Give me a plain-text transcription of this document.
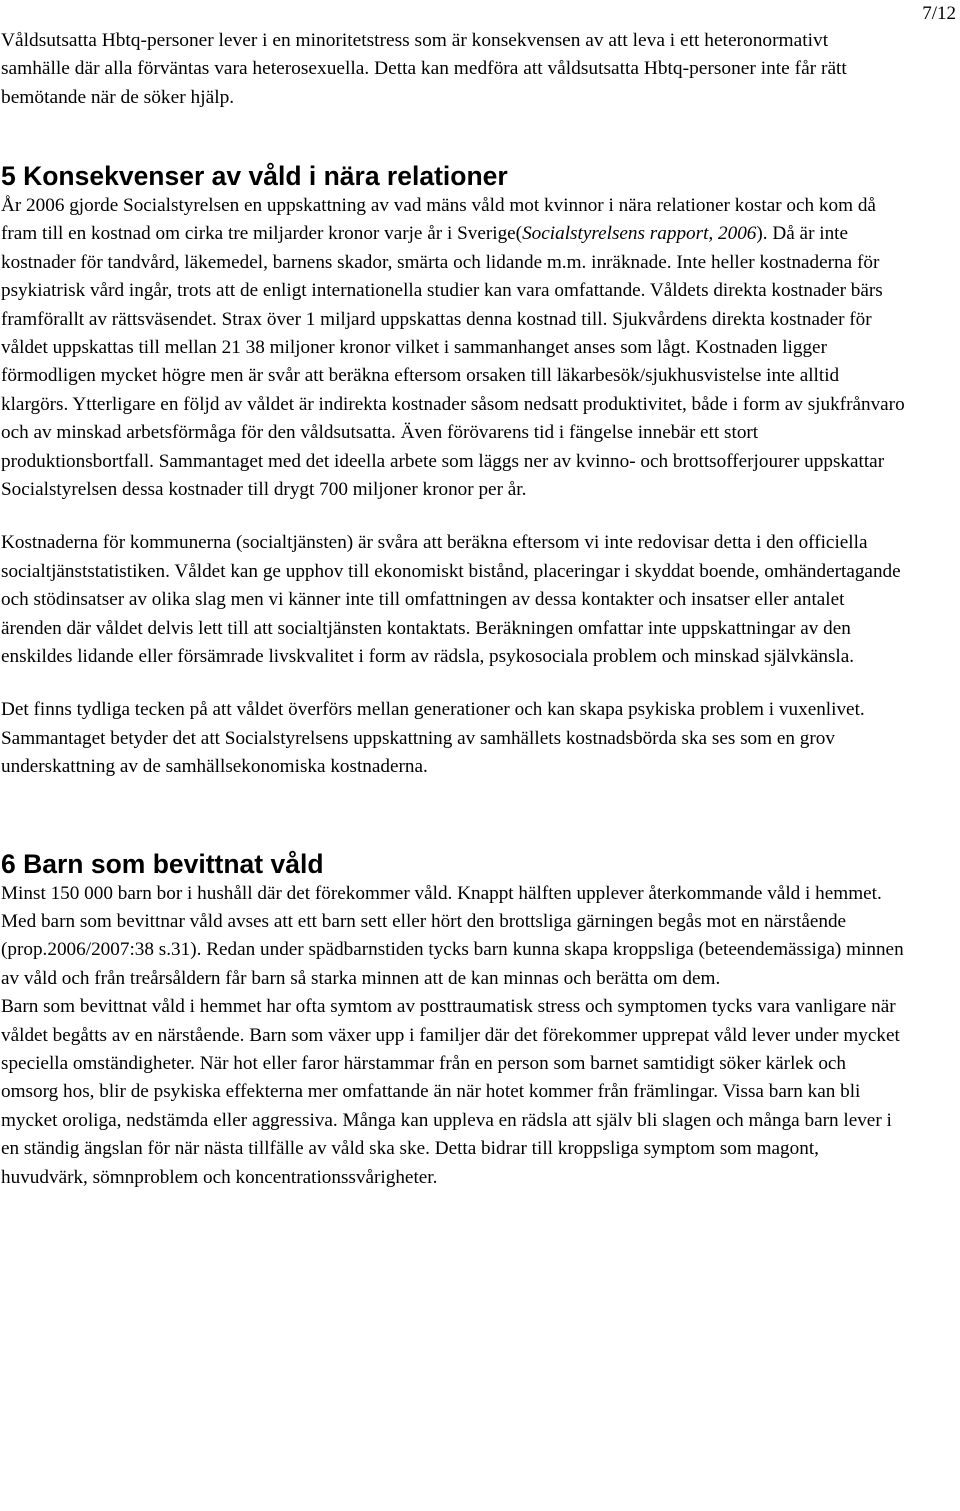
7/12

Våldsutsatta Hbtq-personer lever i en minoritetstress som är konsekvensen av att leva i ett heteronormativt samhälle där alla förväntas vara heterosexuella. Detta kan medföra att våldsutsatta Hbtq-personer inte får rätt bemötande när de söker hjälp.

5 Konsekvenser av våld i nära relationer

År 2006 gjorde Socialstyrelsen en uppskattning av vad mäns våld mot kvinnor i nära relationer kostar och kom då fram till en kostnad om cirka tre miljarder kronor varje år i Sverige(Socialstyrelsens rapport, 2006). Då är inte kostnader för tandvård, läkemedel, barnens skador, smärta och lidande m.m. inräknade. Inte heller kostnaderna för psykiatrisk vård ingår, trots att de enligt internationella studier kan vara omfattande. Våldets direkta kostnader bärs framförallt av rättsväsendet. Strax över 1 miljard uppskattas denna kostnad till. Sjukvårdens direkta kostnader för våldet uppskattas till mellan 21 38 miljoner kronor vilket i sammanhanget anses som lågt. Kostnaden ligger förmodligen mycket högre men är svår att beräkna eftersom orsaken till läkarbesök/sjukhusvistelse inte alltid klargörs. Ytterligare en följd av våldet är indirekta kostnader såsom nedsatt produktivitet, både i form av sjukfrånvaro och av minskad arbetsförmåga för den våldsutsatta. Även förövarens tid i fängelse innebär ett stort produktionsbortfall. Sammantaget med det ideella arbete som läggs ner av kvinno- och brottsofferjourer uppskattar Socialstyrelsen dessa kostnader till drygt 700 miljoner kronor per år.

Kostnaderna för kommunerna (socialtjänsten) är svåra att beräkna eftersom vi inte redovisar detta i den officiella socialtjänststatistiken. Våldet kan ge upphov till ekonomiskt bistånd, placeringar i skyddat boende, omhändertagande och stödinsatser av olika slag men vi känner inte till omfattningen av dessa kontakter och insatser eller antalet ärenden där våldet delvis lett till att socialtjänsten kontaktats. Beräkningen omfattar inte uppskattningar av den enskildes lidande eller försämrade livskvalitet i form av rädsla, psykosociala problem och minskad självkänsla.

Det finns tydliga tecken på att våldet överförs mellan generationer och kan skapa psykiska problem i vuxenlivet. Sammantaget betyder det att Socialstyrelsens uppskattning av samhällets kostnadsbörda ska ses som en grov underskattning av de samhällsekonomiska kostnaderna.

6 Barn som bevittnat våld

Minst 150 000 barn bor i hushåll där det förekommer våld. Knappt hälften upplever återkommande våld i hemmet. Med barn som bevittnar våld avses att ett barn sett eller hört den brottsliga gärningen begås mot en närstående (prop.2006/2007:38 s.31). Redan under spädbarnstiden tycks barn kunna skapa kroppsliga (beteendemässiga) minnen av våld och från treårsåldern får barn så starka minnen att de kan minnas och berätta om dem.

Barn som bevittnat våld i hemmet har ofta symtom av posttraumatisk stress och symptomen tycks vara vanligare när våldet begåtts av en närstående. Barn som växer upp i familjer där det förekommer upprepat våld lever under mycket speciella omständigheter. När hot eller faror härstammar från en person som barnet samtidigt söker kärlek och omsorg hos, blir de psykiska effekterna mer omfattande än när hotet kommer från främlingar. Vissa barn kan bli mycket oroliga, nedstämda eller aggressiva. Många kan uppleva en rädsla att själv bli slagen och många barn lever i en ständig ängslan för när nästa tillfälle av våld ska ske. Detta bidrar till kroppsliga symptom som magont, huvudvärk, sömnproblem och koncentrationssvårigheter.
